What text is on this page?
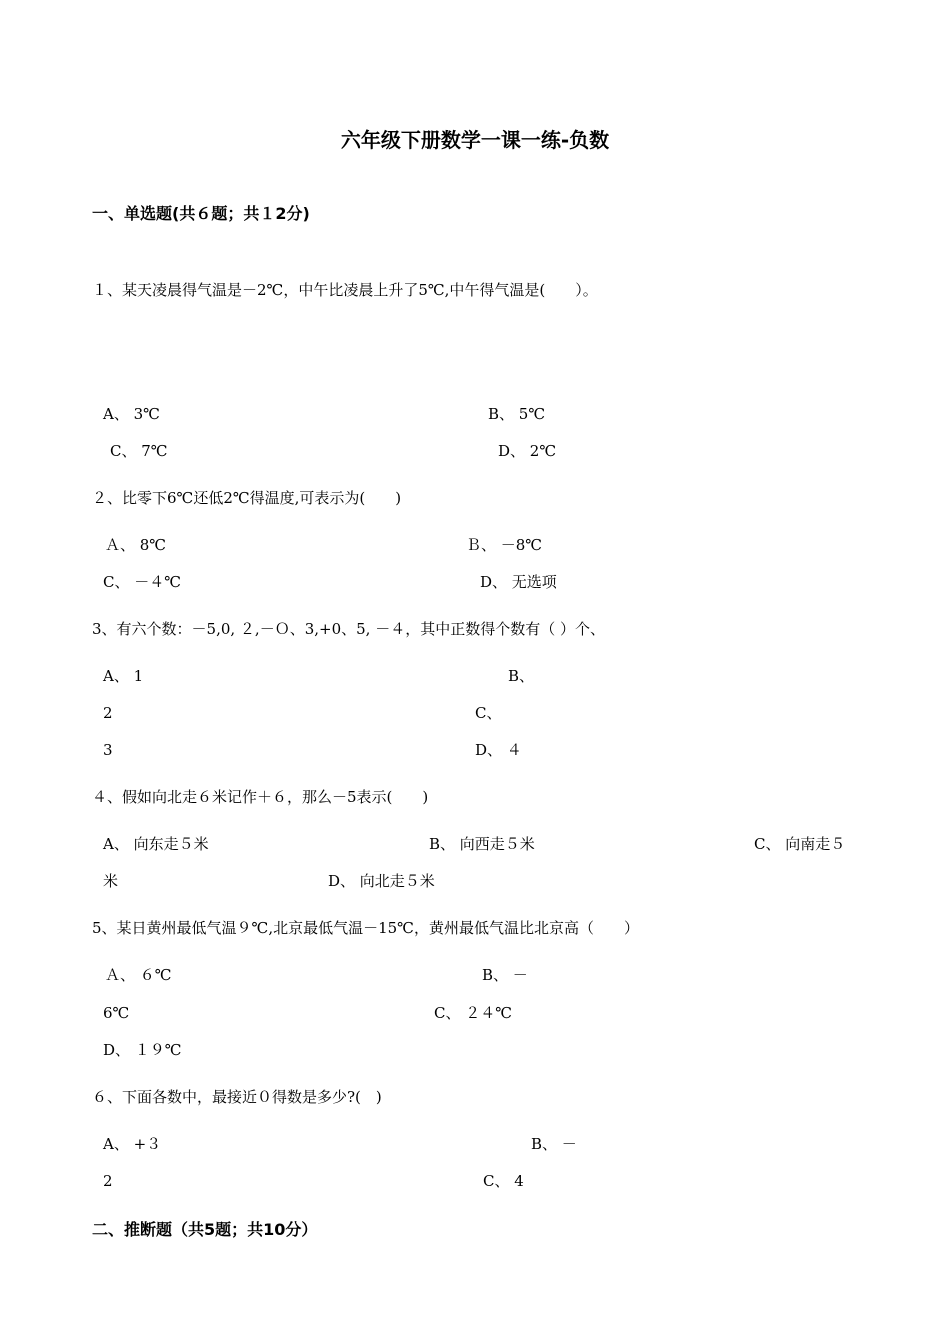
六年级下册数学一课一练-负数
一、单选题(共６题；共１2分)
１、某天凌晨得气温是－2℃，中午比凌晨上升了5℃,中午得气温是(　　）。
A、 3℃	B、 5℃
C、 7℃	D、 2℃
２、比零下6℃还低2℃得温度,可表示为(　　)
Ａ、 8℃	Ｂ、 －8℃
C、 －４℃	D、 无选项
3、有六个数：－5,0, ２,－Ｏ、3,+0、5, －４，其中正数得个数有（ ）个、
A、 1	B、
2	C、
3	D、 ４
４、假如向北走６米记作＋６，那么－5表示(　　)
A、 向东走５米	B、 向西走５米	C、 向南走５
米	D、 向北走５米
5、某日黄州最低气温９℃,北京最低气温－15℃，黄州最低气温比北京高（　　）
Ａ、 ６℃	B、 －
6℃	C、 ２４℃
D、 １９℃
６、下面各数中，最接近０得数是多少?(　)
A、 +３	B、 －
2	C、 4
二、推断题（共5题；共10分）
